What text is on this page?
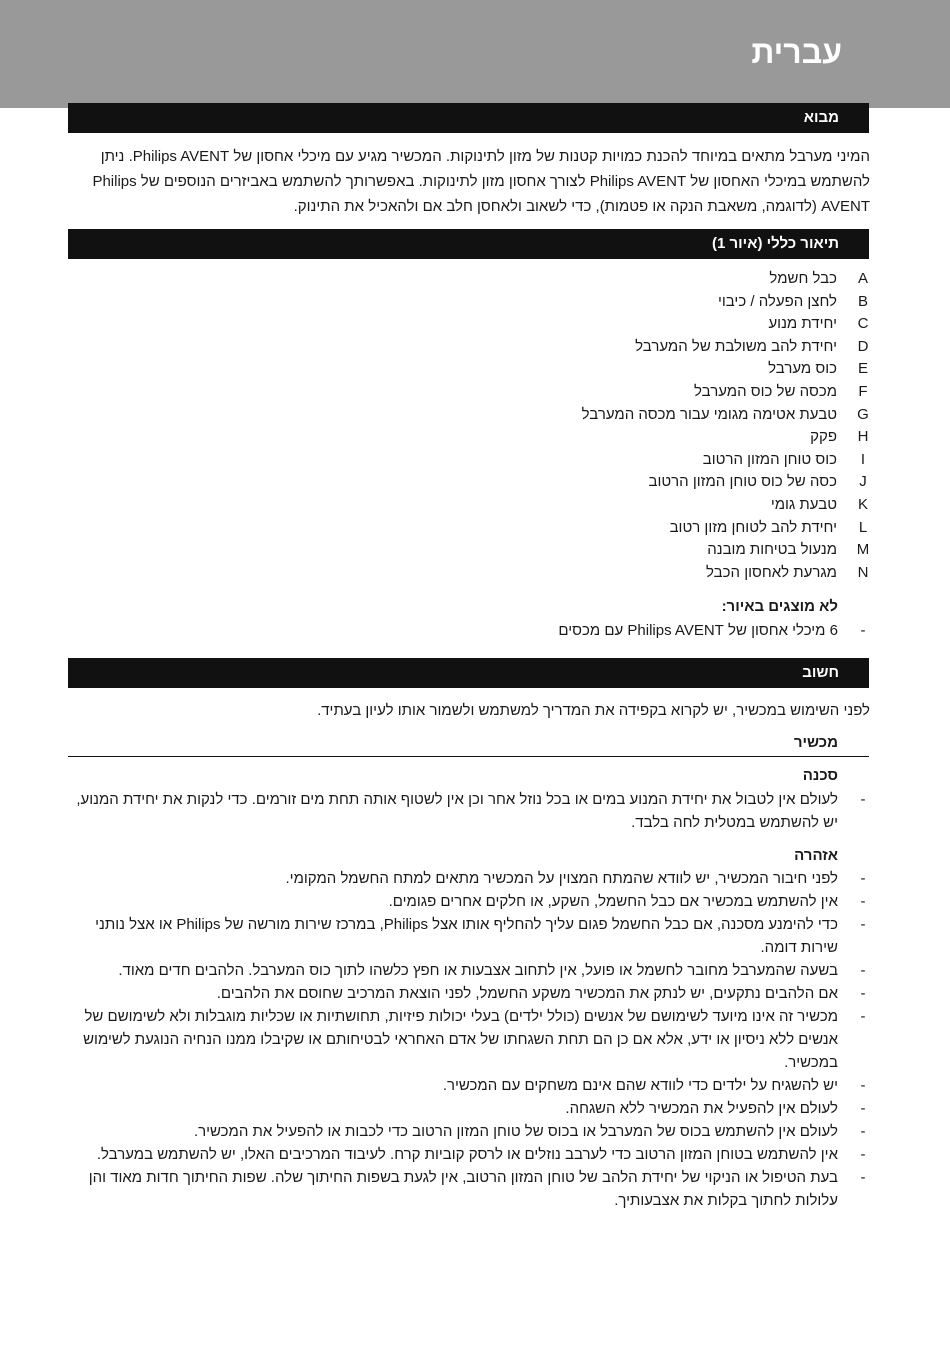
עברית
מבוא

המיני מערבל מתאים במיוחד להכנת כמויות קטנות של מזון לתינוקות. המכשיר מגיע עם מיכלי אחסון של Philips AVENT. ניתן להשתמש במיכלי האחסון של Philips AVENT לצורך אחסון מזון לתינוקות. באפשרותך להשתמש באביזרים הנוספים של Philips AVENT (לדוגמה, משאבת הנקה או פטמות), כדי לשאוב ולאחסן חלב אם ולהאכיל את התינוק.

תיאור כללי (איור 1)
A
כבל חשמל
B
לחצן הפעלה / כיבוי
C
יחידת מנוע
D
יחידת להב משולבת של המערבל
E
כוס מערבל
F
מכסה של כוס המערבל
G
טבעת אטימה מגומי עבור מכסה המערבל
H
פקק
I
כוס טוחן המזון הרטוב
J
כסה של כוס טוחן המזון הרטוב
K
טבעת גומי
L
יחידת להב לטוחן מזון רטוב
M
מנעול בטיחות מובנה
N
מגרעת לאחסון הכבל
לא מוצגים באיור:
-
6 מיכלי אחסון של Philips AVENT עם מכסים
חשוב

לפני השימוש במכשיר, יש לקרוא בקפידה את המדריך למשתמש ולשמור אותו לעיון בעתיד.

מכשיר
סכנה
-
לעולם אין לטבול את יחידת המנוע במים או בכל נוזל אחר וכן אין לשטוף אותה תחת מים זורמים. כדי לנקות את יחידת המנוע, יש להשתמש במטלית לחה בלבד.
אזהרה
-
לפני חיבור המכשיר, יש לוודא שהמתח המצוין על המכשיר מתאים למתח החשמל המקומי.
-
אין להשתמש במכשיר אם כבל החשמל, השקע, או חלקים אחרים פגומים.
-
כדי להימנע מסכנה, אם כבל החשמל פגום עליך להחליף אותו אצל Philips, במרכז שירות מורשה של Philips או אצל נותני שירות דומה.
-
בשעה שהמערבל מחובר לחשמל או פועל, אין לתחוב אצבעות או חפץ כלשהו לתוך כוס המערבל. הלהבים חדים מאוד.
-
אם הלהבים נתקעים, יש לנתק את המכשיר משקע החשמל, לפני הוצאת המרכיב שחוסם את הלהבים.
-
מכשיר זה אינו מיועד לשימושם של אנשים (כולל ילדים) בעלי יכולות פיזיות, תחושתיות או שכליות מוגבלות ולא לשימושם של אנשים ללא ניסיון או ידע, אלא אם כן הם תחת השגחתו של אדם האחראי לבטיחותם או שקיבלו ממנו הנחיה הנוגעת לשימוש במכשיר.
-
יש להשגיח על ילדים כדי לוודא שהם אינם משחקים עם המכשיר.
-
לעולם אין להפעיל את המכשיר ללא השגחה.
-
לעולם אין להשתמש בכוס של המערבל או בכוס של טוחן המזון הרטוב כדי לכבות או להפעיל את המכשיר.
-
אין להשתמש בטוחן המזון הרטוב כדי לערבב נוזלים או לרסק קוביות קרח. לעיבוד המרכיבים האלו, יש להשתמש במערבל.
-
בעת הטיפול או הניקוי של יחידת הלהב של טוחן המזון הרטוב, אין לגעת בשפות החיתוך שלה. שפות החיתוך חדות מאוד והן עלולות לחתוך בקלות את אצבעותיך.
